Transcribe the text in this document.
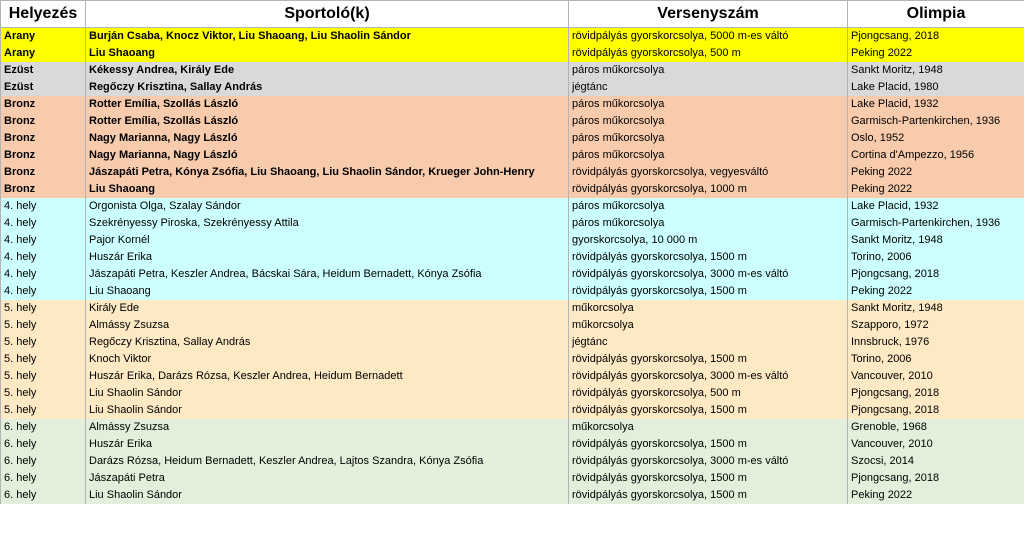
Helyezés	Sportoló(k)	Versenyszám	Olimpia
Arany	Burján Csaba, Knocz Viktor, Liu Shaoang, Liu Shaolin Sándor	rövidpályás gyorskorcsolya, 5000 m-es váltó	Pjongcsang, 2018
Arany	Liu Shaoang	rövidpályás gyorskorcsolya, 500 m	Peking 2022
Ezüst	Kékessy Andrea, Király Ede	páros műkorcsolya	Sankt Moritz, 1948
Ezüst	Regőczy Krisztina, Sallay András	jégtánc	Lake Placid, 1980
Bronz	Rotter Emília, Szollás László	páros műkorcsolya	Lake Placid, 1932
Bronz	Rotter Emília, Szollás László	páros műkorcsolya	Garmisch-Partenkirchen, 1936
Bronz	Nagy Marianna, Nagy László	páros műkorcsolya	Oslo, 1952
Bronz	Nagy Marianna, Nagy László	páros műkorcsolya	Cortina d'Ampezzo, 1956
Bronz	Jászapáti Petra, Kónya Zsófia, Liu Shaoang, Liu Shaolin Sándor, Krueger John-Henry	rövidpályás gyorskorcsolya, vegyesváltó	Peking 2022
Bronz	Liu Shaoang	rövidpályás gyorskorcsolya, 1000 m	Peking 2022
4. hely	Orgonista Olga, Szalay Sándor	páros műkorcsolya	Lake Placid, 1932
4. hely	Szekrényessy Piroska, Szekrényessy Attila	páros műkorcsolya	Garmisch-Partenkirchen, 1936
4. hely	Pajor Kornél	gyorskorcsolya, 10 000 m	Sankt Moritz, 1948
4. hely	Huszár Erika	rövidpályás gyorskorcsolya, 1500 m	Torino, 2006
4. hely	Jászapáti Petra, Keszler Andrea, Bácskai Sára, Heidum Bernadett, Kónya Zsófia	rövidpályás gyorskorcsolya, 3000 m-es váltó	Pjongcsang, 2018
4. hely	Liu Shaoang	rövidpályás gyorskorcsolya, 1500 m	Peking 2022
5. hely	Király Ede	műkorcsolya	Sankt Moritz, 1948
5. hely	Almássy Zsuzsa	műkorcsolya	Szapporo, 1972
5. hely	Regőczy Krisztina, Sallay András	jégtánc	Innsbruck, 1976
5. hely	Knoch Viktor	rövidpályás gyorskorcsolya, 1500 m	Torino, 2006
5. hely	Huszár Erika, Darázs Rózsa, Keszler Andrea, Heidum Bernadett	rövidpályás gyorskorcsolya, 3000 m-es váltó	Vancouver, 2010
5. hely	Liu Shaolin Sándor	rövidpályás gyorskorcsolya, 500 m	Pjongcsang, 2018
5. hely	Liu Shaolin Sándor	rövidpályás gyorskorcsolya, 1500 m	Pjongcsang, 2018
6. hely	Almássy Zsuzsa	műkorcsolya	Grenoble, 1968
6. hely	Huszár Erika	rövidpályás gyorskorcsolya, 1500 m	Vancouver, 2010
6. hely	Darázs Rózsa, Heidum Bernadett, Keszler Andrea, Lajtos Szandra, Kónya Zsófia	rövidpályás gyorskorcsolya, 3000 m-es váltó	Szocsi, 2014
6. hely	Jászapáti Petra	rövidpályás gyorskorcsolya, 1500 m	Pjongcsang, 2018
6. hely	Liu Shaolin Sándor	rövidpályás gyorskorcsolya, 1500 m	Peking 2022
